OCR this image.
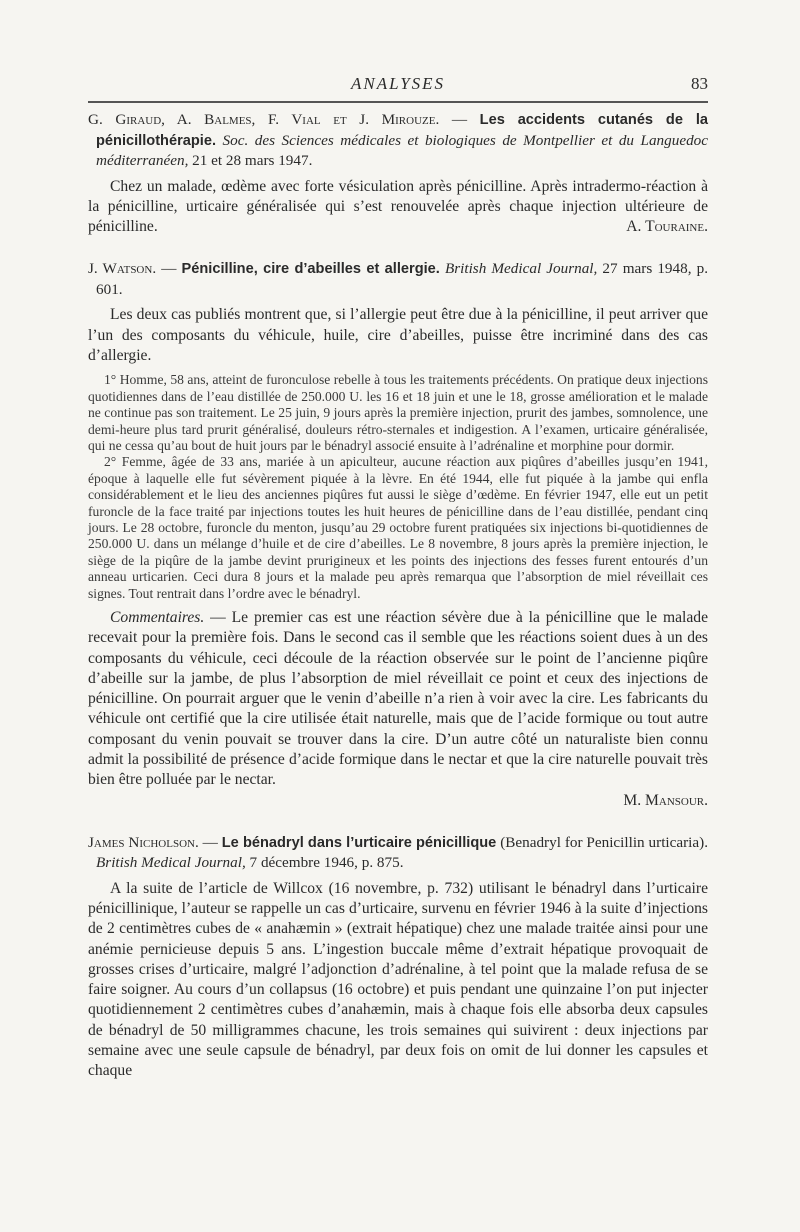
ANALYSES	83

G. Giraud, A. Balmes, F. Vial et J. Mirouze. — Les accidents cutanés de la pénicillothérapie. Soc. des Sciences médicales et biologiques de Montpellier et du Languedoc méditerranéen, 21 et 28 mars 1947.

Chez un malade, œdème avec forte vésiculation après pénicilline. Après intradermo-réaction à la pénicilline, urticaire généralisée qui s’est renouvelée après chaque injection ultérieure de pénicilline.	A. Touraine.

J. Watson. — Pénicilline, cire d’abeilles et allergie. British Medical Journal, 27 mars 1948, p. 601.

Les deux cas publiés montrent que, si l’allergie peut être due à la pénicilline, il peut arriver que l’un des composants du véhicule, huile, cire d’abeilles, puisse être incriminé dans des cas d’allergie.

1° Homme, 58 ans, atteint de furonculose rebelle à tous les traitements précédents. On pratique deux injections quotidiennes dans de l’eau distillée de 250.000 U. les 16 et 18 juin et une le 18, grosse amélioration et le malade ne continue pas son traitement. Le 25 juin, 9 jours après la première injection, prurit des jambes, somnolence, une demi-heure plus tard prurit généralisé, douleurs rétro-sternales et indigestion. A l’examen, urticaire généralisée, qui ne cessa qu’au bout de huit jours par le bénadryl associé ensuite à l’adrénaline et morphine pour dormir.

2° Femme, âgée de 33 ans, mariée à un apiculteur, aucune réaction aux piqûres d’abeilles jusqu’en 1941, époque à laquelle elle fut sévèrement piquée à la lèvre. En été 1944, elle fut piquée à la jambe qui enfla considérablement et le lieu des anciennes piqûres fut aussi le siège d’œdème. En février 1947, elle eut un petit furoncle de la face traité par injections toutes les huit heures de pénicilline dans de l’eau distillée, pendant cinq jours. Le 28 octobre, furoncle du menton, jusqu’au 29 octobre furent pratiquées six injections bi-quotidiennes de 250.000 U. dans un mélange d’huile et de cire d’abeilles. Le 8 novembre, 8 jours après la première injection, le siège de la piqûre de la jambe devint prurigineux et les points des injections des fesses furent entourés d’un anneau urticarien. Ceci dura 8 jours et la malade peu après remarqua que l’absorption de miel réveillait ces signes. Tout rentrait dans l’ordre avec le bénadryl.

Commentaires. — Le premier cas est une réaction sévère due à la pénicilline que le malade recevait pour la première fois. Dans le second cas il semble que les réactions soient dues à un des composants du véhicule, ceci découle de la réaction observée sur le point de l’ancienne piqûre d’abeille sur la jambe, de plus l’absorption de miel réveillait ce point et ceux des injections de pénicilline. On pourrait arguer que le venin d’abeille n’a rien à voir avec la cire. Les fabricants du véhicule ont certifié que la cire utilisée était naturelle, mais que de l’acide formique ou tout autre composant du venin pouvait se trouver dans la cire. D’un autre côté un naturaliste bien connu admit la possibilité de présence d’acide formique dans le nectar et que la cire naturelle pouvait très bien être polluée par le nectar.

M. Mansour.

James Nicholson. — Le bénadryl dans l’urticaire pénicillique (Benadryl for Penicillin urticaria). British Medical Journal, 7 décembre 1946, p. 875.

A la suite de l’article de Willcox (16 novembre, p. 732) utilisant le bénadryl dans l’urticaire pénicillinique, l’auteur se rappelle un cas d’urticaire, survenu en février 1946 à la suite d’injections de 2 centimètres cubes de « anahæmin » (extrait hépatique) chez une malade traitée ainsi pour une anémie pernicieuse depuis 5 ans. L’ingestion buccale même d’extrait hépatique provoquait de grosses crises d’urticaire, malgré l’adjonction d’adrénaline, à tel point que la malade refusa de se faire soigner. Au cours d’un collapsus (16 octobre) et puis pendant une quinzaine l’on put injecter quotidiennement 2 centimètres cubes d’anahæmin, mais à chaque fois elle absorba deux capsules de bénadryl de 50 milligrammes chacune, les trois semaines qui suivirent : deux injections par semaine avec une seule capsule de bénadryl, par deux fois on omit de lui donner les capsules et chaque
